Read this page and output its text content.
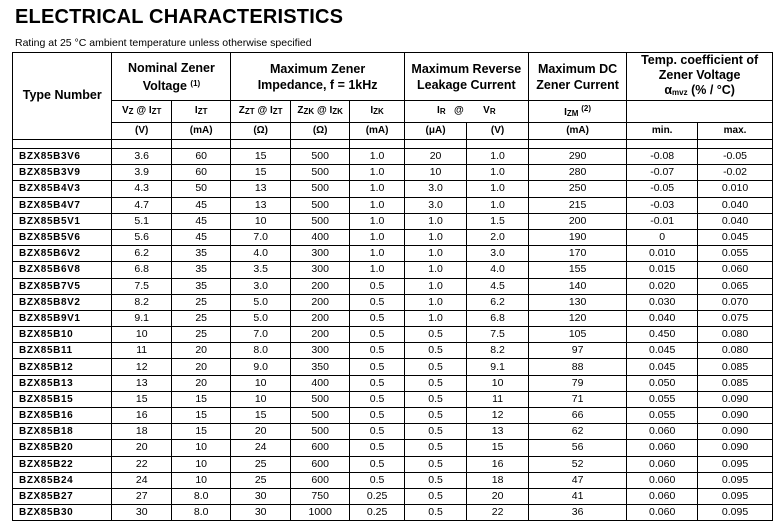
ELECTRICAL CHARACTERISTICS
Rating at 25 °C ambient temperature unless otherwise specified
Type Number	Nominal Zener Voltage $^{(1)}$		Maximum Zener Impedance, f = 1kHz			Maximum Reverse Leakage Current		Maximum DC Zener Current	Temp. coefficient of Zener Voltage
αmvz (% / °C)	
	VZ @ IZT	IZT	ZZT @ IZT	ZZK @ IZK	IZK	IR @ VR		IZM $^{(2)}$	
	(V)	(mA)	(Ω)	(Ω)	(mA)	(μA)	(V)	(mA)	min.	max.

BZX85B3V6	3.6	60	15	500	1.0	20	1.0	290	-0.08	-0.05
BZX85B3V9	3.9	60	15	500	1.0	10	1.0	280	-0.07	-0.02
BZX85B4V3	4.3	50	13	500	1.0	3.0	1.0	250	-0.05	0.010
BZX85B4V7	4.7	45	13	500	1.0	3.0	1.0	215	-0.03	0.040
BZX85B5V1	5.1	45	10	500	1.0	1.0	1.5	200	-0.01	0.040
BZX85B5V6	5.6	45	7.0	400	1.0	1.0	2.0	190	0	0.045
BZX85B6V2	6.2	35	4.0	300	1.0	1.0	3.0	170	0.010	0.055
BZX85B6V8	6.8	35	3.5	300	1.0	1.0	4.0	155	0.015	0.060
BZX85B7V5	7.5	35	3.0	200	0.5	1.0	4.5	140	0.020	0.065
BZX85B8V2	8.2	25	5.0	200	0.5	1.0	6.2	130	0.030	0.070
BZX85B9V1	9.1	25	5.0	200	0.5	1.0	6.8	120	0.040	0.075
BZX85B10	10	25	7.0	200	0.5	0.5	7.5	105	0.450	0.080
BZX85B11	11	20	8.0	300	0.5	0.5	8.2	97	0.045	0.080
BZX85B12	12	20	9.0	350	0.5	0.5	9.1	88	0.045	0.085
BZX85B13	13	20	10	400	0.5	0.5	10	79	0.050	0.085
BZX85B15	15	15	10	500	0.5	0.5	11	71	0.055	0.090
BZX85B16	16	15	15	500	0.5	0.5	12	66	0.055	0.090
BZX85B18	18	15	20	500	0.5	0.5	13	62	0.060	0.090
BZX85B20	20	10	24	600	0.5	0.5	15	56	0.060	0.090
BZX85B22	22	10	25	600	0.5	0.5	16	52	0.060	0.095
BZX85B24	24	10	25	600	0.5	0.5	18	47	0.060	0.095
BZX85B27	27	8.0	30	750	0.25	0.5	20	41	0.060	0.095
BZX85B30	30	8.0	30	1000	0.25	0.5	22	36	0.060	0.095
